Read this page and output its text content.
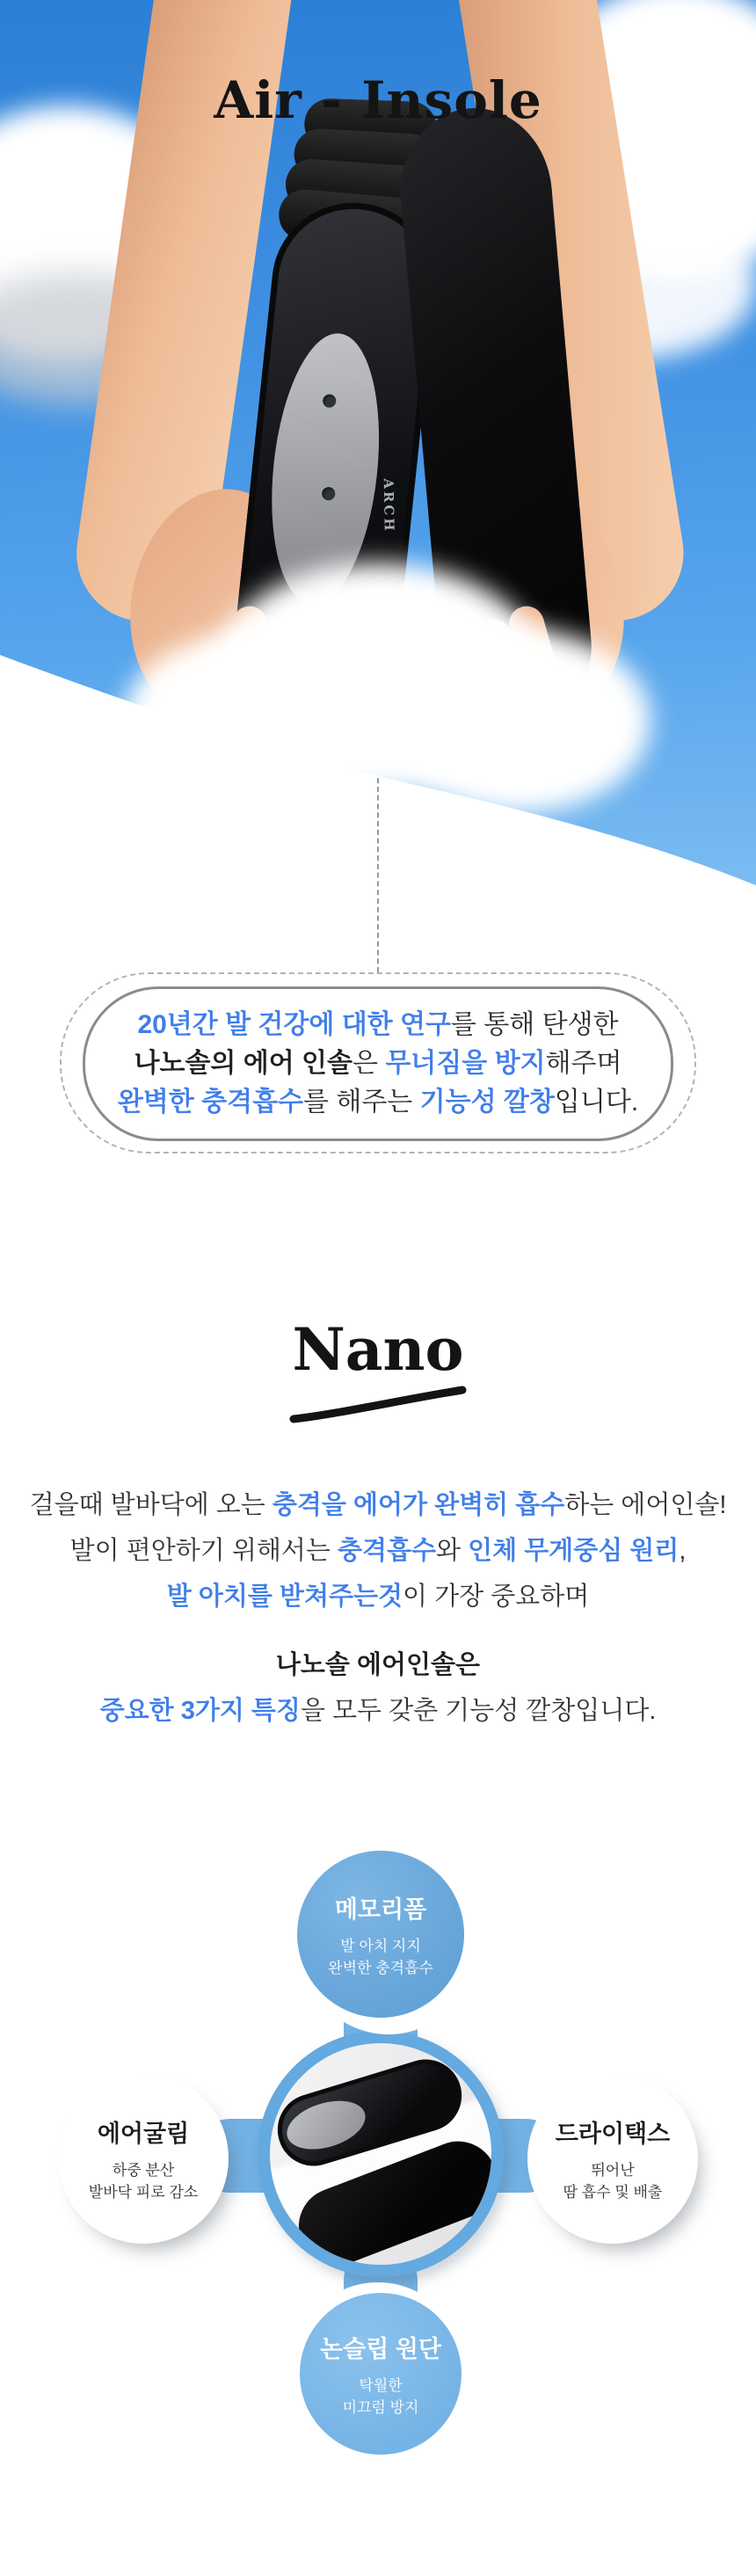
ARCH
Air - Insole
20년간 발 건강에 대한 연구를 통해 탄생한
나노솔의 에어 인솔은 무너짐을 방지해주며
완벽한 충격흡수를 해주는 기능성 깔창입니다.
Nano
걸을때 발바닥에 오는 충격을 에어가 완벽히 흡수하는 에어인솔!
발이 편안하기 위해서는 충격흡수와 인체 무게중심 원리,
발 아치를 받쳐주는것이 가장 중요하며
나노솔 에어인솔은
중요한 3가지 특징을 모두 갖춘 기능성 깔창입니다.
메모리폼
발 아치 지지
완벽한 충격흡수
에어굴림
하중 분산
발바닥 피로 감소
드라이택스
뛰어난
땀 흡수 및 배출
논슬립 원단
탁월한
미끄럼 방지
